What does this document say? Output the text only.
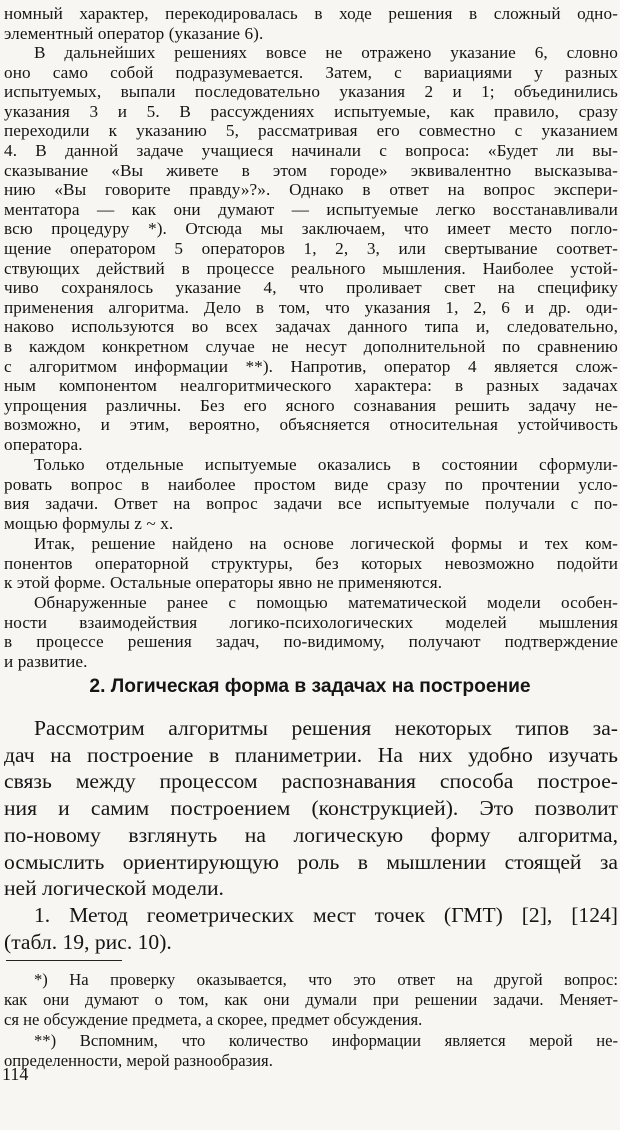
номный характер, перекодировалась в ходе решения в сложный одно-
элементный оператор (указание 6).
В дальнейших решениях вовсе не отражено указание 6, словно
оно само собой подразумевается. Затем, с вариациями у разных
испытуемых, выпали последовательно указания 2 и 1; объединились
указания 3 и 5. В рассуждениях испытуемые, как правило, сразу
переходили к указанию 5, рассматривая его совместно с указанием
4. В данной задаче учащиеся начинали с вопроса: «Будет ли вы-
сказывание «Вы живете в этом городе» эквивалентно высказыва-
нию «Вы говорите правду»?». Однако в ответ на вопрос экспери-
ментатора — как они думают — испытуемые легко восстанавливали
всю процедуру *). Отсюда мы заключаем, что имеет место погло-
щение оператором 5 операторов 1, 2, 3, или свертывание соответ-
ствующих действий в процессе реального мышления. Наиболее устой-
чиво сохранялось указание 4, что проливает свет на специфику
применения алгоритма. Дело в том, что указания 1, 2, 6 и др. оди-
наково используются во всех задачах данного типа и, следовательно,
в каждом конкретном случае не несут дополнительной по сравнению
с алгоритмом информации **). Напротив, оператор 4 является слож-
ным компонентом неалгоритмического характера: в разных задачах
упрощения различны. Без его ясного сознавания решить задачу не-
возможно, и этим, вероятно, объясняется относительная устойчивость
оператора.
Только отдельные испытуемые оказались в состоянии сформули-
ровать вопрос в наиболее простом виде сразу по прочтении усло-
вия задачи. Ответ на вопрос задачи все испытуемые получали с по-
мощью формулы z ~ x.
Итак, решение найдено на основе логической формы и тех ком-
понентов операторной структуры, без которых невозможно подойти
к этой форме. Остальные операторы явно не применяются.
Обнаруженные ранее с помощью математической модели особен-
ности взаимодействия логико-психологических моделей мышления
в процессе решения задач, по-видимому, получают подтверждение
и развитие.
2. Логическая форма в задачах на построение
Рассмотрим алгоритмы решения некоторых типов за-
дач на построение в планиметрии. На них удобно изучать
связь между процессом распознавания способа построе-
ния и самим построением (конструкцией). Это позволит
по-новому взглянуть на логическую форму алгоритма,
осмыслить ориентирующую роль в мышлении стоящей за
ней логической модели.
1. Метод геометрических мест точек (ГМТ) [2], [124]
(табл. 19, рис. 10).
*) На проверку оказывается, что это ответ на другой вопрос:
как они думают о том, как они думали при решении задачи. Меняет-
ся не обсуждение предмета, а скорее, предмет обсуждения.
**) Вспомним, что количество информации является мерой не-
определенности, мерой разнообразия.
114
